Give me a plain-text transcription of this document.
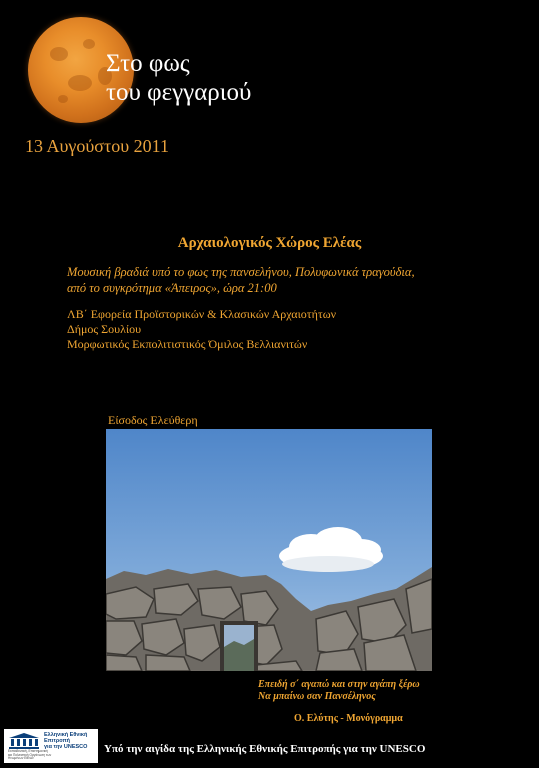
Στο φως
του φεγγαριού
13 Αυγούστου 2011
Αρχαιολογικός Χώρος Ελέας
Μουσική βραδιά υπό το φως της πανσελήνου, Πολυφωνικά τραγούδια,
από το συγκρότημα «Άπειρος», ώρα 21:00
ΛΒ΄ Εφορεία Προϊστορικών & Κλασικών Αρχαιοτήτων
Δήμος Σουλίου
Μορφωτικός Εκπολιτιστικός Όμιλος Βελλιανιτών
Είσοδος Ελεύθερη
Επειδή σ΄ αγαπώ και στην αγάπη ξέρω
Να μπαίνω σαν Πανσέληνος
Ο. Ελύτης - Μονόγραμμα
Ελληνική Εθνική
Επιτροπή
για την UNESCO
Εκπαιδευτική, Επιστημονική
και Πολιτιστική Οργάνωση των
Ηνωμένων Εθνών
Υπό την αιγίδα της Ελληνικής Εθνικής Επιτροπής για την UNESCO
